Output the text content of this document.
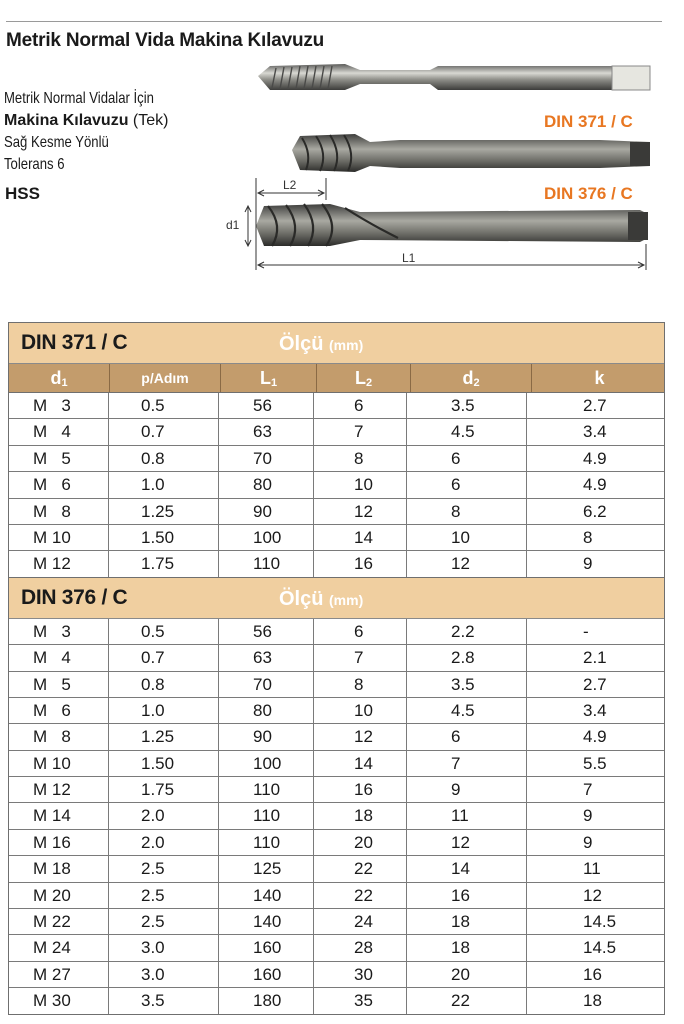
Metrik Normal Vida Makina Kılavuzu
Metrik Normal Vidalar İçin
Makina Kılavuzu (Tek)
Sağ Kesme Yönlü
Tolerans 6
HSS
DIN 371 / C
DIN 376 / C
L2
d1
L1
DIN 371 / C	Ölçü (mm)
$d_1$	p/Adım	$L_1$	$L_2$	$d_2$	k
M   3	0.5	56	6	3.5	2.7
M   4	0.7	63	7	4.5	3.4
M   5	0.8	70	8	6	4.9
M   6	1.0	80	10	6	4.9
M   8	1.25	90	12	8	6.2
M 10	1.50	100	14	10	8
M 12	1.75	110	16	12	9
DIN 376 / C	Ölçü (mm)
M   3	0.5	56	6	2.2	-
M   4	0.7	63	7	2.8	2.1
M   5	0.8	70	8	3.5	2.7
M   6	1.0	80	10	4.5	3.4
M   8	1.25	90	12	6	4.9
M 10	1.50	100	14	7	5.5
M 12	1.75	110	16	9	7
M 14	2.0	110	18	11	9
M 16	2.0	110	20	12	9
M 18	2.5	125	22	14	11
M 20	2.5	140	22	16	12
M 22	2.5	140	24	18	14.5
M 24	3.0	160	28	18	14.5
M 27	3.0	160	30	20	16
M 30	3.5	180	35	22	18
